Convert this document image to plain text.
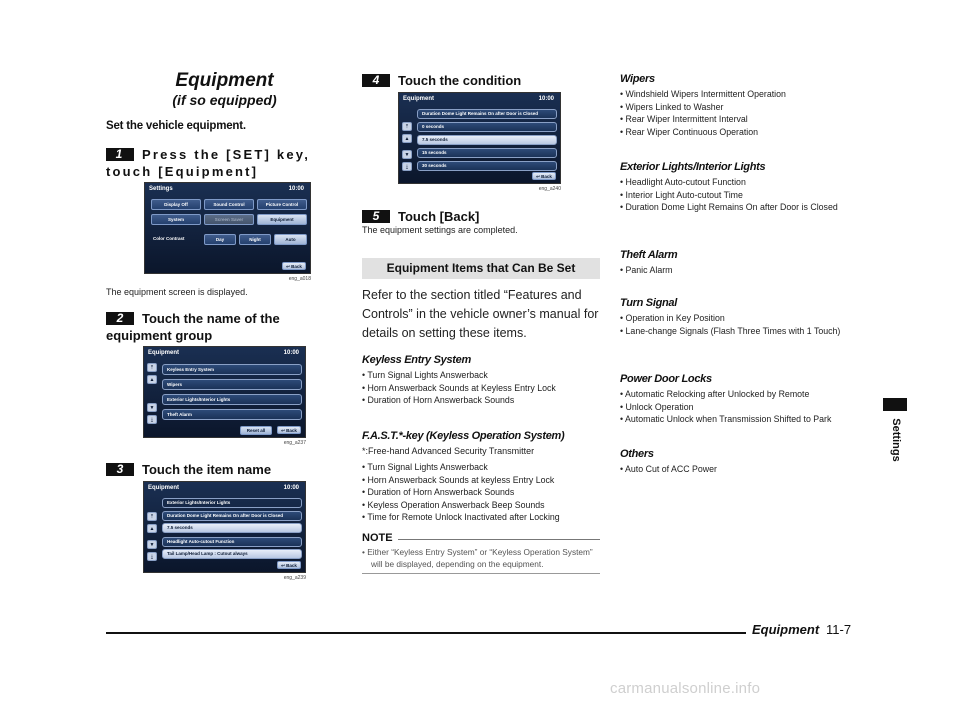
Equipment
(if so equipped)
Set the vehicle equipment.
1 Press the [SET] key, touch [Equipment]
Settings	10:00
Display Off	Sound Control	Picture Control
System	Screen Saver	Equipment
Color Contrast	Day	Night	Auto
↩ Back
eng_a018
The equipment screen is displayed.
2 Touch the name of the equipment group
Equipment	10:00
⤒
▲
▼
⤓
Keyless Entry System
Wipers
Exterior Lights/Interior Lights
Theft Alarm
Reset all	↩ Back
eng_a237
3 Touch the item name
Equipment	10:00
⤒
▲
▼
⤓
Exterior Lights/Interior Lights
Duration Dome Light Remains On after Door is Closed
7.5 seconds
Headlight Auto-cutout Function
Tail Lamp/Head Lamp : Cutout always
↩ Back
eng_a239
4 Touch the condition
Equipment	10:00
Duration Dome Light Remains On after Door is Closed
⤒
▲
▼
⤓
0 seconds
7.5 seconds
15 seconds
30 seconds
↩ Back
eng_a240
5 Touch [Back]
The equipment settings are completed.
Equipment Items that Can Be Set
Refer to the section titled “Features and Controls” in the vehicle owner’s manual for details on setting these items.
Keyless Entry System
• Turn Signal Lights Answerback
• Horn Answerback Sounds at Keyless Entry Lock
• Duration of Horn Answerback Sounds
F.A.S.T.*-key (Keyless Operation System)
*:Free-hand Advanced Security Transmitter
• Turn Signal Lights Answerback
• Horn Answerback Sounds at keyless Entry Lock
• Duration of Horn Answerback Sounds
• Keyless Operation Answerback Beep Sounds
• Time for Remote Unlock Inactivated after Locking
NOTE
• Either “Keyless Entry System” or “Keyless Operation System” will be displayed, depending on the equipment.
Wipers
• Windshield Wipers Intermittent Operation
• Wipers Linked to Washer
• Rear Wiper Intermittent Interval
• Rear Wiper Continuous Operation
Exterior Lights/Interior Lights
• Headlight Auto-cutout Function
• Interior Light Auto-cutout Time
• Duration Dome Light Remains On after Door is Closed
Theft Alarm
• Panic Alarm
Turn Signal
• Operation in Key Position
• Lane-change Signals (Flash Three Times with 1 Touch)
Power Door Locks
• Automatic Relocking after Unlocked by Remote
• Unlock Operation
• Automatic Unlock when Transmission Shifted to Park
Others
• Auto Cut of ACC Power
Settings
Equipment 11-7
carmanualsonline.info
